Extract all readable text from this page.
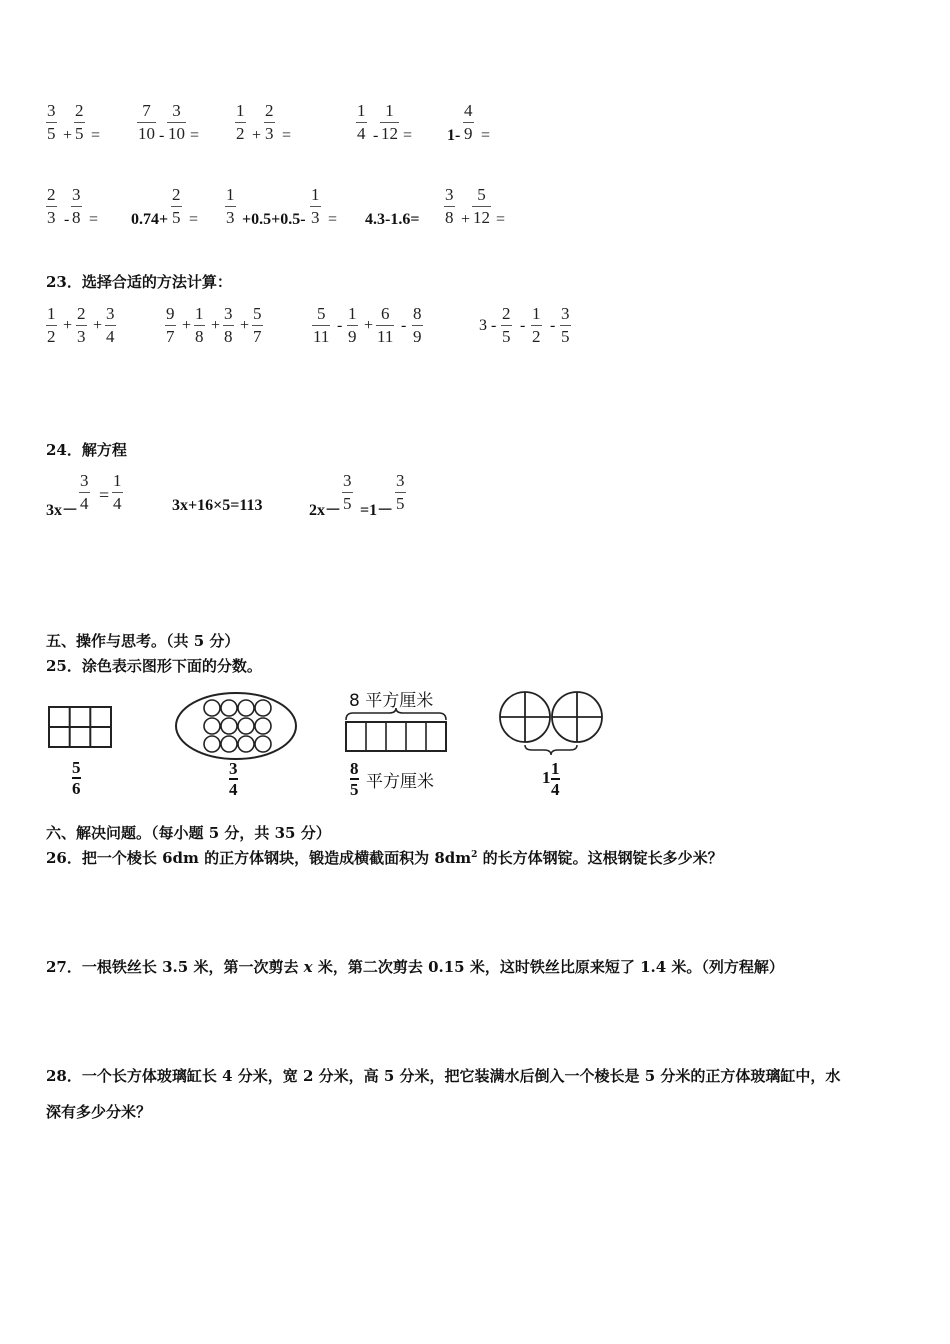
3
5 +
2
5 =
7
10 -
3
10 =
1
2 +
2
3 =
1
4 -
1
12 = 1-
4
9 =
2
3 -
3
8 = 0.74+
2
5 =
1
3 +0.5+0.5-
1
3 = 4.3-1.6=
3
8 +
5
12 =
23．选择合适的方法计算：
1
2
+
2
3
+
3
4
9
7
+
1
8
+
3
8
+
5
7
5
11
-
1
9
+
6
11
-
8
9
3 -
2
5
-
1
2
-
3
5
24．解方程
3x－
3
4 =
1
4	3x+16×5=113	2x－
3
5 =1－
3
5
五、操作与思考。（共 5 分）
25．涂色表示图形下面的分数。
5
6
3
4
8 平方厘米
8
5 平方厘米	1 1
4
六、解决问题。（每小题 5 分，共 35 分）
26．把一个棱长 6dm 的正方体钢块，锻造成横截面积为 $8dm^2$ 的长方体钢锭。这根钢锭长多少米？
27．一根铁丝长 3.5 米，第一次剪去 x 米，第二次剪去 0.15 米，这时铁丝比原来短了 1.4 米。（列方程解）
28．一个长方体玻璃缸长 4 分米，宽 2 分米，高 5 分米，把它装满水后倒入一个棱长是 5 分米的正方体玻璃缸中，水
深有多少分米？
